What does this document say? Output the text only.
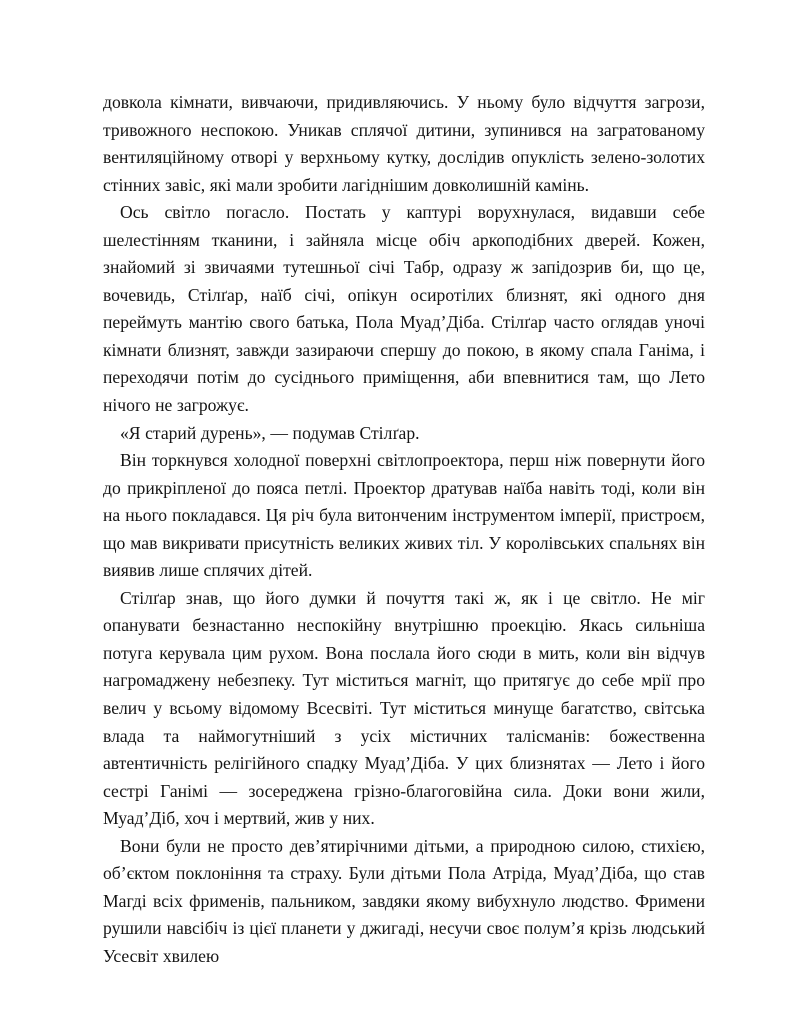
довкола кімнати, вивчаючи, придивляючись. У ньому було відчуття загрози, тривожного неспокою. Уникав сплячої дитини, зупинився на загратованому вентиляційному отворі у верхньому кутку, дослідив опуклість зелено-золотих стінних завіс, які мали зробити лагіднішим довколишній камінь.

Ось світло погасло. Постать у каптурі ворухнулася, видавши себе шелестінням тканини, і зайняла місце обіч аркоподібних дверей. Кожен, знайомий зі звичаями тутешньої січі Табр, одразу ж запідозрив би, що це, вочевидь, Стілґар, наїб січі, опікун осиротілих близнят, які одного дня переймуть мантію свого батька, Пола Муад’Діба. Стілґар часто оглядав уночі кімнати близнят, завжди зазираючи спершу до покою, в якому спала Ганіма, і переходячи потім до сусіднього приміщення, аби впевнитися там, що Лето нічого не загрожує.

«Я старий дурень», — подумав Стілґар.

Він торкнувся холодної поверхні світлопроектора, перш ніж повернути його до прикріпленої до пояса петлі. Проектор дратував наїба навіть тоді, коли він на нього покладався. Ця річ була витонченим інструментом імперії, пристроєм, що мав викривати присутність великих живих тіл. У королівських спальнях він виявив лише сплячих дітей.

Стілґар знав, що його думки й почуття такі ж, як і це світло. Не міг опанувати безнастанно неспокійну внутрішню проекцію. Якась сильніша потуга керувала цим рухом. Вона послала його сюди в мить, коли він відчув нагромаджену небезпеку. Тут міститься магніт, що притягує до себе мрії про велич у всьому відомому Всесвіті. Тут міститься минуще багатство, світська влада та наймогутніший з усіх містичних талісманів: божественна автентичність релігійного спадку Муад’Діба. У цих близнятах — Лето і його сестрі Ганімі — зосереджена грізно-благоговійна сила. Доки вони жили, Муад’Діб, хоч і мертвий, жив у них.

Вони були не просто дев’ятирічними дітьми, а природною силою, стихією, об’єктом поклоніння та страху. Були дітьми Пола Атріда, Муад’Діба, що став Магді всіх фрименів, пальником, завдяки якому вибухнуло людство. Фримени рушили навсібіч із цієї планети у джигаді, несучи своє полум’я крізь людський Усесвіт хвилею
